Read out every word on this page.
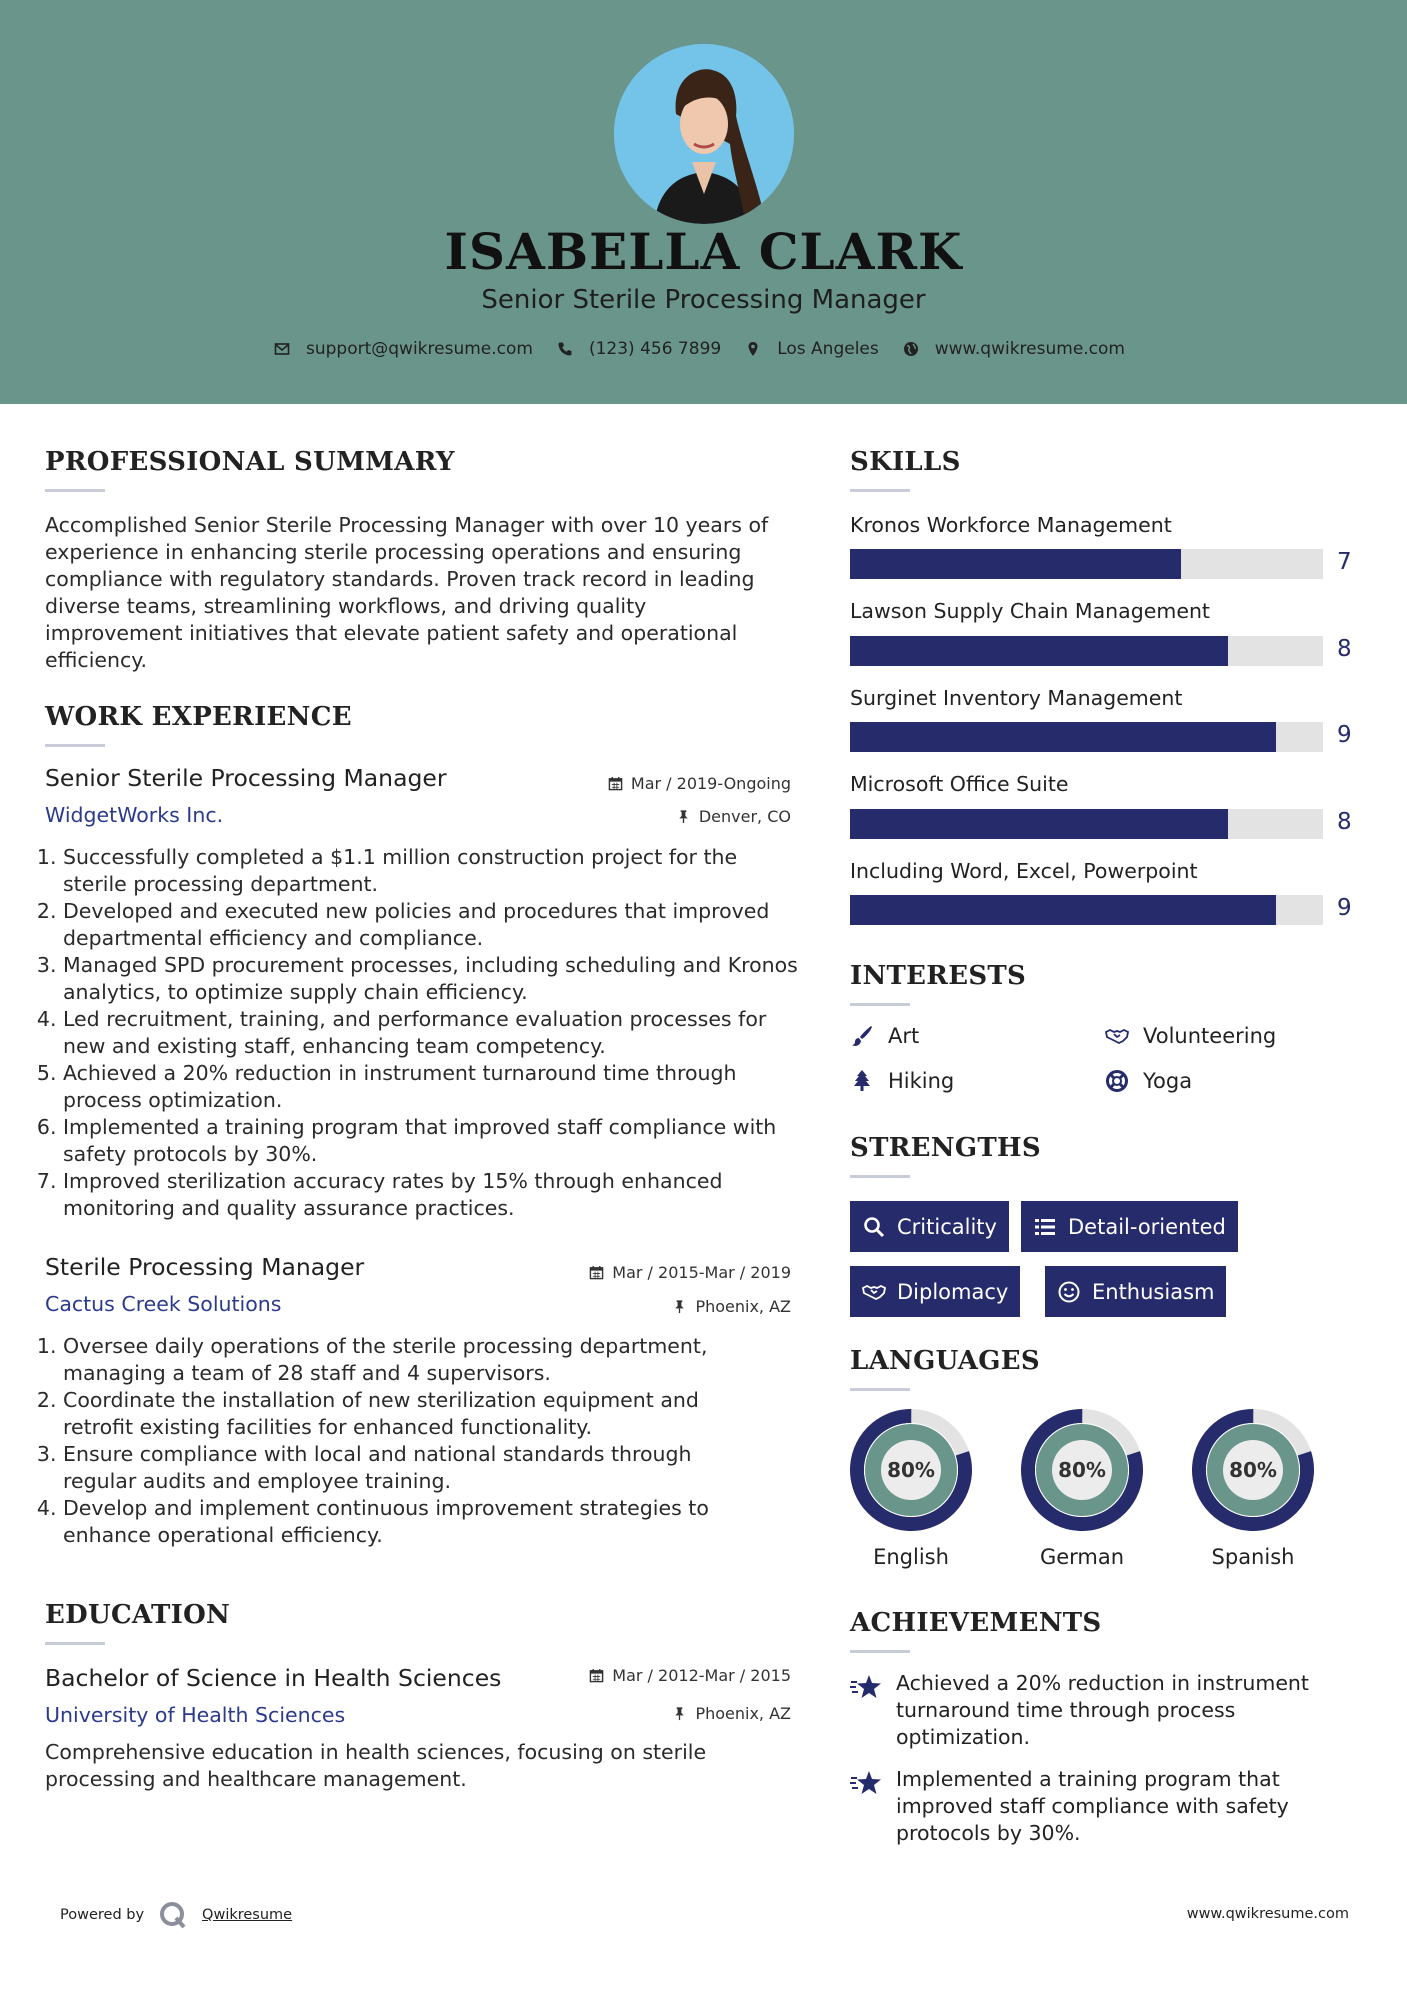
ISABELLA CLARK
Senior Sterile Processing Manager
support@qwikresume.com	(123) 456 7899	Los Angeles	www.qwikresume.com
PROFESSIONAL SUMMARY
Accomplished Senior Sterile Processing Manager with over 10 years of experience in enhancing sterile processing operations and ensuring compliance with regulatory standards. Proven track record in leading diverse teams, streamlining workflows, and driving quality improvement initiatives that elevate patient safety and operational efficiency.
WORK EXPERIENCE
Senior Sterile Processing Manager	Mar / 2019-Ongoing
WidgetWorks Inc.	Denver, CO
1. Successfully completed a $1.1 million construction project for the sterile processing department.
2. Developed and executed new policies and procedures that improved departmental efficiency and compliance.
3. Managed SPD procurement processes, including scheduling and Kronos analytics, to optimize supply chain efficiency.
4. Led recruitment, training, and performance evaluation processes for new and existing staff, enhancing team competency.
5. Achieved a 20% reduction in instrument turnaround time through process optimization.
6. Implemented a training program that improved staff compliance with safety protocols by 30%.
7. Improved sterilization accuracy rates by 15% through enhanced monitoring and quality assurance practices.
Sterile Processing Manager	Mar / 2015-Mar / 2019
Cactus Creek Solutions	Phoenix, AZ
1. Oversee daily operations of the sterile processing department, managing a team of 28 staff and 4 supervisors.
2. Coordinate the installation of new sterilization equipment and retrofit existing facilities for enhanced functionality.
3. Ensure compliance with local and national standards through regular audits and employee training.
4. Develop and implement continuous improvement strategies to enhance operational efficiency.
EDUCATION
Bachelor of Science in Health Sciences	Mar / 2012-Mar / 2015
University of Health Sciences	Phoenix, AZ
Comprehensive education in health sciences, focusing on sterile processing and healthcare management.
SKILLS
Kronos Workforce Management
7
Lawson Supply Chain Management
8
Surginet Inventory Management
9
Microsoft Office Suite
8
Including Word, Excel, Powerpoint
9
INTERESTS
Art	Volunteering
Hiking	Yoga
STRENGTHS
Criticality	Detail-oriented
Diplomacy	Enthusiasm
LANGUAGES
80%
English
80%
German
80%
Spanish
ACHIEVEMENTS
Achieved a 20% reduction in instrument turnaround time through process optimization.
Implemented a training program that improved staff compliance with safety protocols by 30%.
Powered by	Qwikresume	www.qwikresume.com
